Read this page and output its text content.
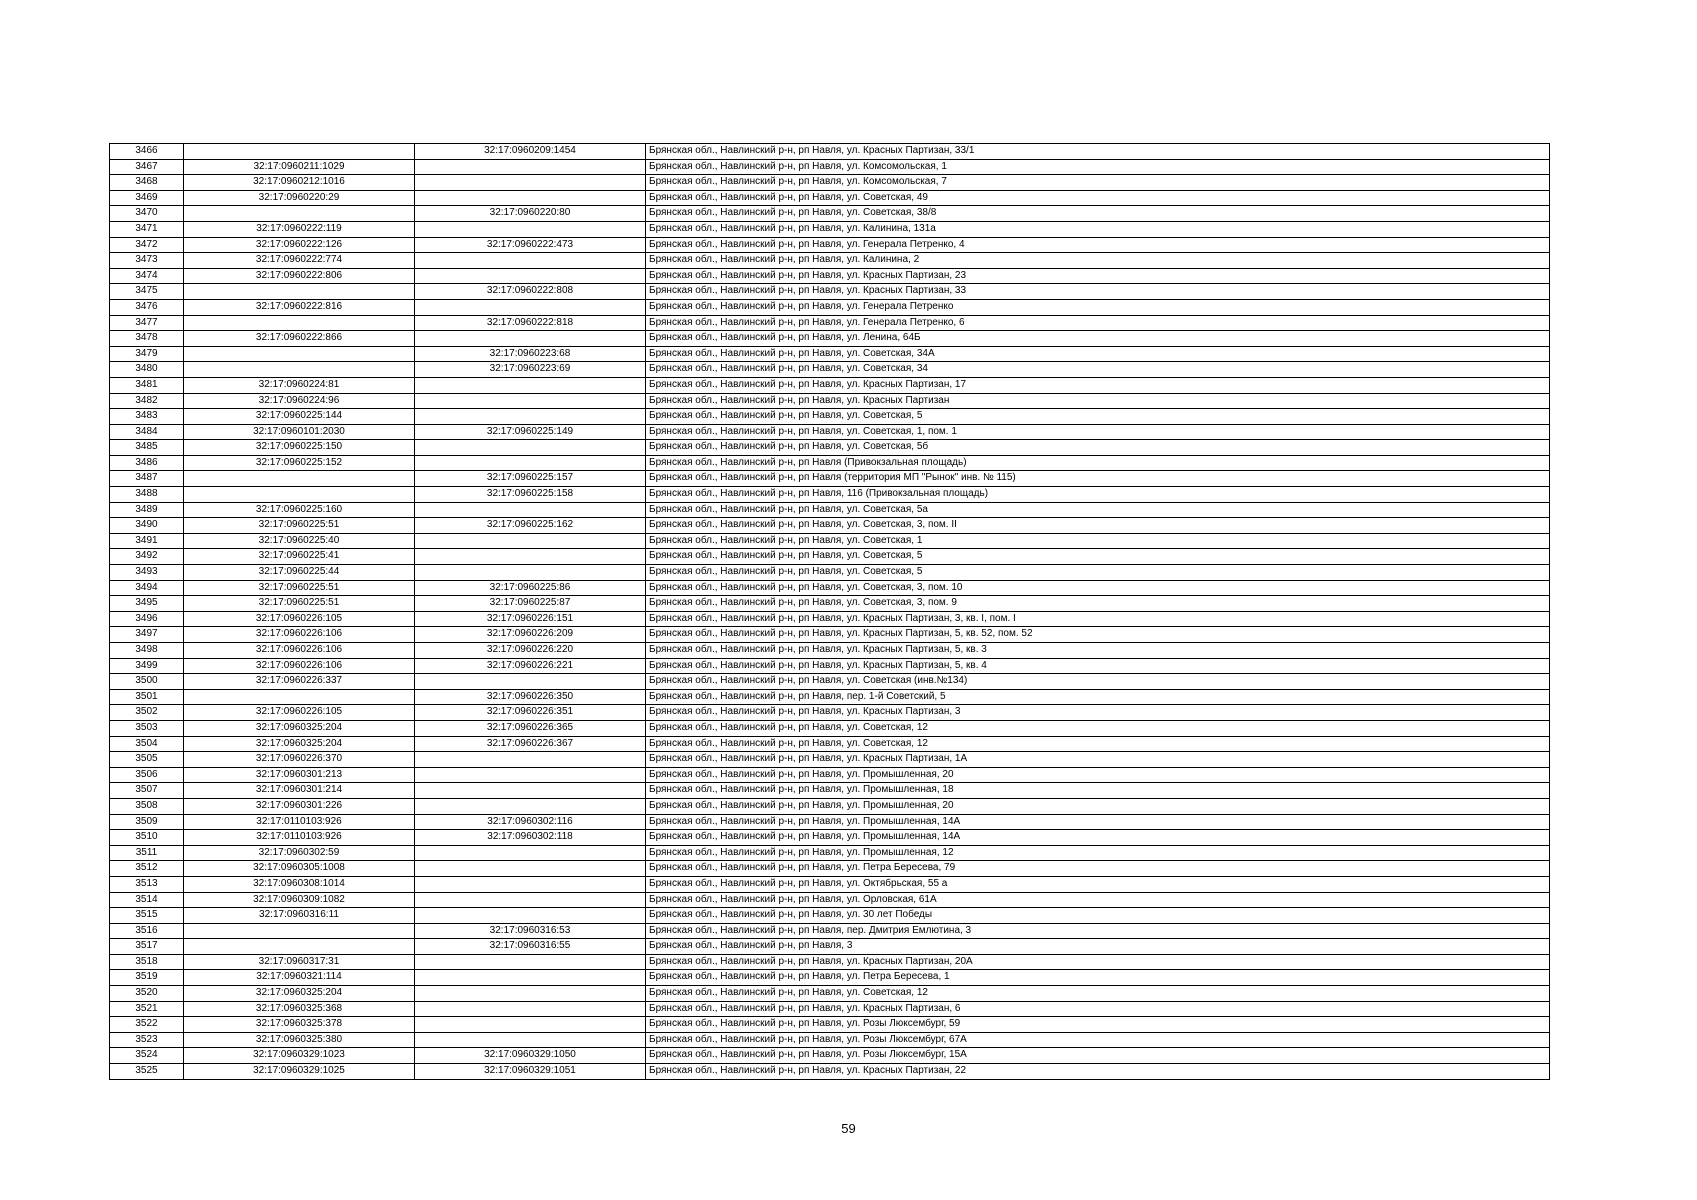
3466		32:17:0960209:1454	Брянская обл., Навлинский р-н, рп Навля, ул. Красных Партизан, 33/1
3467	32:17:0960211:1029		Брянская обл., Навлинский р-н, рп Навля, ул. Комсомольская, 1
3468	32:17:0960212:1016		Брянская обл., Навлинский р-н, рп Навля, ул. Комсомольская, 7
3469	32:17:0960220:29		Брянская обл., Навлинский р-н, рп Навля, ул. Советская, 49
3470		32:17:0960220:80	Брянская обл., Навлинский р-н, рп Навля, ул. Советская, 38/8
3471	32:17:0960222:119		Брянская обл., Навлинский р-н, рп Навля, ул. Калинина, 131а
3472	32:17:0960222:126	32:17:0960222:473	Брянская обл., Навлинский р-н, рп Навля, ул. Генерала Петренко, 4
3473	32:17:0960222:774		Брянская обл., Навлинский р-н, рп Навля, ул. Калинина, 2
3474	32:17:0960222:806		Брянская обл., Навлинский р-н, рп Навля, ул. Красных Партизан, 23
3475		32:17:0960222:808	Брянская обл., Навлинский р-н, рп Навля, ул. Красных Партизан, 33
3476	32:17:0960222:816		Брянская обл., Навлинский р-н, рп Навля, ул. Генерала Петренко
3477		32:17:0960222:818	Брянская обл., Навлинский р-н, рп Навля, ул. Генерала Петренко, 6
3478	32:17:0960222:866		Брянская обл., Навлинский р-н, рп Навля, ул. Ленина, 64Б
3479		32:17:0960223:68	Брянская обл., Навлинский р-н, рп Навля, ул. Советская, 34А
3480		32:17:0960223:69	Брянская обл., Навлинский р-н, рп Навля, ул. Советская, 34
3481	32:17:0960224:81		Брянская обл., Навлинский р-н, рп Навля, ул. Красных Партизан, 17
3482	32:17:0960224:96		Брянская обл., Навлинский р-н, рп Навля, ул. Красных Партизан
3483	32:17:0960225:144		Брянская обл., Навлинский р-н, рп Навля, ул. Советская, 5
3484	32:17:0960101:2030	32:17:0960225:149	Брянская обл., Навлинский р-н, рп Навля, ул. Советская, 1, пом. 1
3485	32:17:0960225:150		Брянская обл., Навлинский р-н, рп Навля, ул. Советская, 5б
3486	32:17:0960225:152		Брянская обл., Навлинский р-н, рп Навля (Привокзальная площадь)
3487		32:17:0960225:157	Брянская обл., Навлинский р-н, рп Навля (территория МП "Рынок" инв. № 115)
3488		32:17:0960225:158	Брянская обл., Навлинский р-н, рп Навля, 116 (Привокзальная площадь)
3489	32:17:0960225:160		Брянская обл., Навлинский р-н, рп Навля, ул. Советская, 5а
3490	32:17:0960225:51	32:17:0960225:162	Брянская обл., Навлинский р-н, рп Навля, ул. Советская, 3, пом. II
3491	32:17:0960225:40		Брянская обл., Навлинский р-н, рп Навля, ул. Советская, 1
3492	32:17:0960225:41		Брянская обл., Навлинский р-н, рп Навля, ул. Советская, 5
3493	32:17:0960225:44		Брянская обл., Навлинский р-н, рп Навля, ул. Советская, 5
3494	32:17:0960225:51	32:17:0960225:86	Брянская обл., Навлинский р-н, рп Навля, ул. Советская, 3, пом. 10
3495	32:17:0960225:51	32:17:0960225:87	Брянская обл., Навлинский р-н, рп Навля, ул. Советская, 3, пом. 9
3496	32:17:0960226:105	32:17:0960226:151	Брянская обл., Навлинский р-н, рп Навля, ул. Красных Партизан, 3, кв. I, пом. I
3497	32:17:0960226:106	32:17:0960226:209	Брянская обл., Навлинский р-н, рп Навля, ул. Красных Партизан, 5, кв. 52, пом. 52
3498	32:17:0960226:106	32:17:0960226:220	Брянская обл., Навлинский р-н, рп Навля, ул. Красных Партизан, 5, кв. 3
3499	32:17:0960226:106	32:17:0960226:221	Брянская обл., Навлинский р-н, рп Навля, ул. Красных Партизан, 5, кв. 4
3500	32:17:0960226:337		Брянская обл., Навлинский р-н, рп Навля, ул. Советская (инв.№134)
3501		32:17:0960226:350	Брянская обл., Навлинский р-н, рп Навля, пер. 1-й Советский, 5
3502	32:17:0960226:105	32:17:0960226:351	Брянская обл., Навлинский р-н, рп Навля, ул. Красных Партизан, 3
3503	32:17:0960325:204	32:17:0960226:365	Брянская обл., Навлинский р-н, рп Навля, ул. Советская, 12
3504	32:17:0960325:204	32:17:0960226:367	Брянская обл., Навлинский р-н, рп Навля, ул. Советская, 12
3505	32:17:0960226:370		Брянская обл., Навлинский р-н, рп Навля, ул. Красных Партизан, 1А
3506	32:17:0960301:213		Брянская обл., Навлинский р-н, рп Навля, ул. Промышленная, 20
3507	32:17:0960301:214		Брянская обл., Навлинский р-н, рп Навля, ул. Промышленная, 18
3508	32:17:0960301:226		Брянская обл., Навлинский р-н, рп Навля, ул. Промышленная, 20
3509	32:17:0110103:926	32:17:0960302:116	Брянская обл., Навлинский р-н, рп Навля, ул. Промышленная, 14А
3510	32:17:0110103:926	32:17:0960302:118	Брянская обл., Навлинский р-н, рп Навля, ул. Промышленная, 14А
3511	32:17:0960302:59		Брянская обл., Навлинский р-н, рп Навля, ул. Промышленная, 12
3512	32:17:0960305:1008		Брянская обл., Навлинский р-н, рп Навля, ул. Петра Бересева, 79
3513	32:17:0960308:1014		Брянская обл., Навлинский р-н, рп Навля, ул. Октябрьская, 55 а
3514	32:17:0960309:1082		Брянская обл., Навлинский р-н, рп Навля, ул. Орловская, 61А
3515	32:17:0960316:11		Брянская обл., Навлинский р-н, рп Навля, ул. 30 лет Победы
3516		32:17:0960316:53	Брянская обл., Навлинский р-н, рп Навля, пер. Дмитрия Емлютина, 3
3517		32:17:0960316:55	Брянская обл., Навлинский р-н, рп Навля, 3
3518	32:17:0960317:31		Брянская обл., Навлинский р-н, рп Навля, ул. Красных Партизан, 20А
3519	32:17:0960321:114		Брянская обл., Навлинский р-н, рп Навля, ул. Петра Бересева, 1
3520	32:17:0960325:204		Брянская обл., Навлинский р-н, рп Навля, ул. Советская, 12
3521	32:17:0960325:368		Брянская обл., Навлинский р-н, рп Навля, ул. Красных Партизан, 6
3522	32:17:0960325:378		Брянская обл., Навлинский р-н, рп Навля, ул. Розы Люксембург, 59
3523	32:17:0960325:380		Брянская обл., Навлинский р-н, рп Навля, ул. Розы Люксембург, 67А
3524	32:17:0960329:1023	32:17:0960329:1050	Брянская обл., Навлинский р-н, рп Навля, ул. Розы Люксембург, 15А
3525	32:17:0960329:1025	32:17:0960329:1051	Брянская обл., Навлинский р-н, рп Навля, ул. Красных Партизан, 22
59
